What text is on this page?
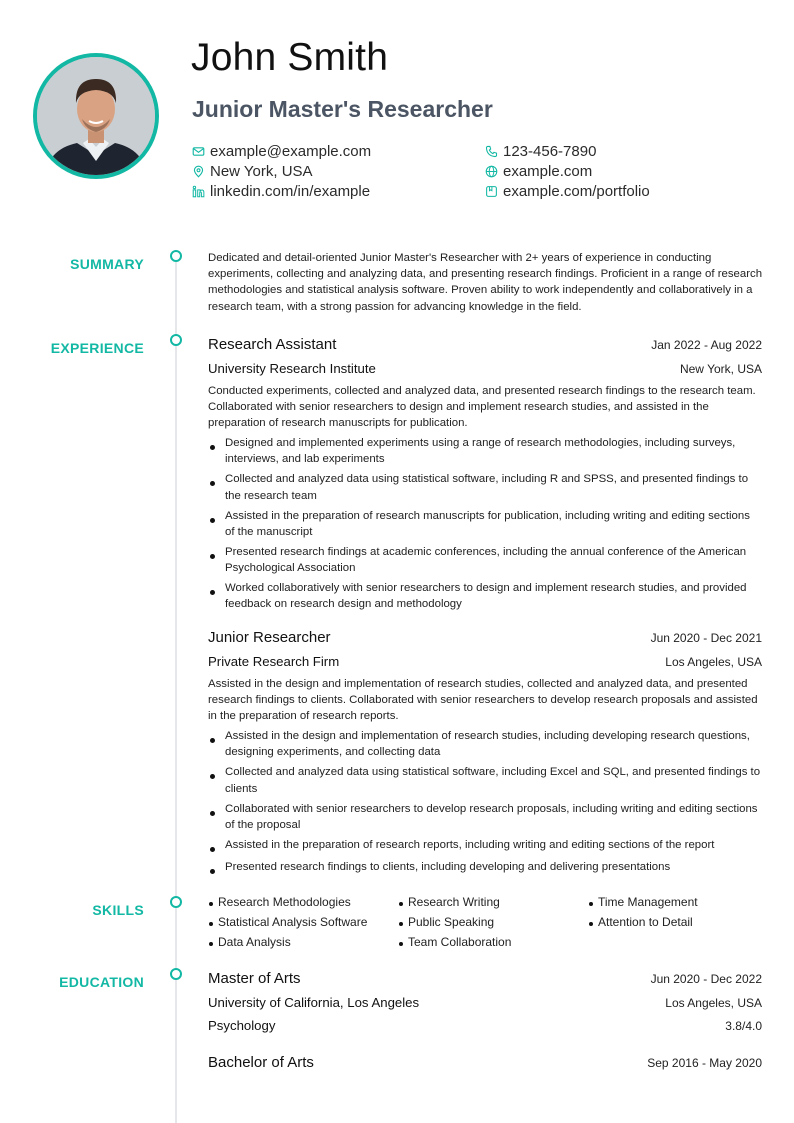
John Smith
Junior Master's Researcher
example@example.com
New York, USA
linkedin.com/in/example
123-456-7890
example.com
example.com/portfolio
SUMMARY
EXPERIENCE
SKILLS
EDUCATION

Dedicated and detail-oriented Junior Master's Researcher with 2+ years of experience in conducting experiments, collecting and analyzing data, and presenting research findings. Proficient in a range of research methodologies and statistical analysis software. Proven ability to work independently and collaboratively in a research team, with a strong passion for advancing knowledge in the field.

Research Assistant	Jan 2022 - Aug 2022
University Research Institute	New York, USA

Conducted experiments, collected and analyzed data, and presented research findings to the research team. Collaborated with senior researchers to design and implement research studies, and assisted in the preparation of research manuscripts for publication.

Designed and implemented experiments using a range of research methodologies, including surveys, interviews, and lab experiments
Collected and analyzed data using statistical software, including R and SPSS, and presented findings to the research team
Assisted in the preparation of research manuscripts for publication, including writing and editing sections of the manuscript
Presented research findings at academic conferences, including the annual conference of the American Psychological Association
Worked collaboratively with senior researchers to design and implement research studies, and provided feedback on research design and methodology
Junior Researcher	Jun 2020 - Dec 2021
Private Research Firm	Los Angeles, USA

Assisted in the design and implementation of research studies, collected and analyzed data, and presented research findings to clients. Collaborated with senior researchers to develop research proposals and assisted in the preparation of research reports.

Assisted in the design and implementation of research studies, including developing research questions, designing experiments, and collecting data
Collected and analyzed data using statistical software, including Excel and SQL, and presented findings to clients
Collaborated with senior researchers to develop research proposals, including writing and editing sections of the proposal
Assisted in the preparation of research reports, including writing and editing sections of the report
Presented research findings to clients, including developing and delivering presentations
Research Methodologies	Research Writing	Time Management
Statistical Analysis Software	Public Speaking	Attention to Detail
Data Analysis	Team Collaboration
Master of Arts	Jun 2020 - Dec 2022
University of California, Los Angeles	Los Angeles, USA
Psychology	3.8/4.0
Bachelor of Arts	Sep 2016 - May 2020
